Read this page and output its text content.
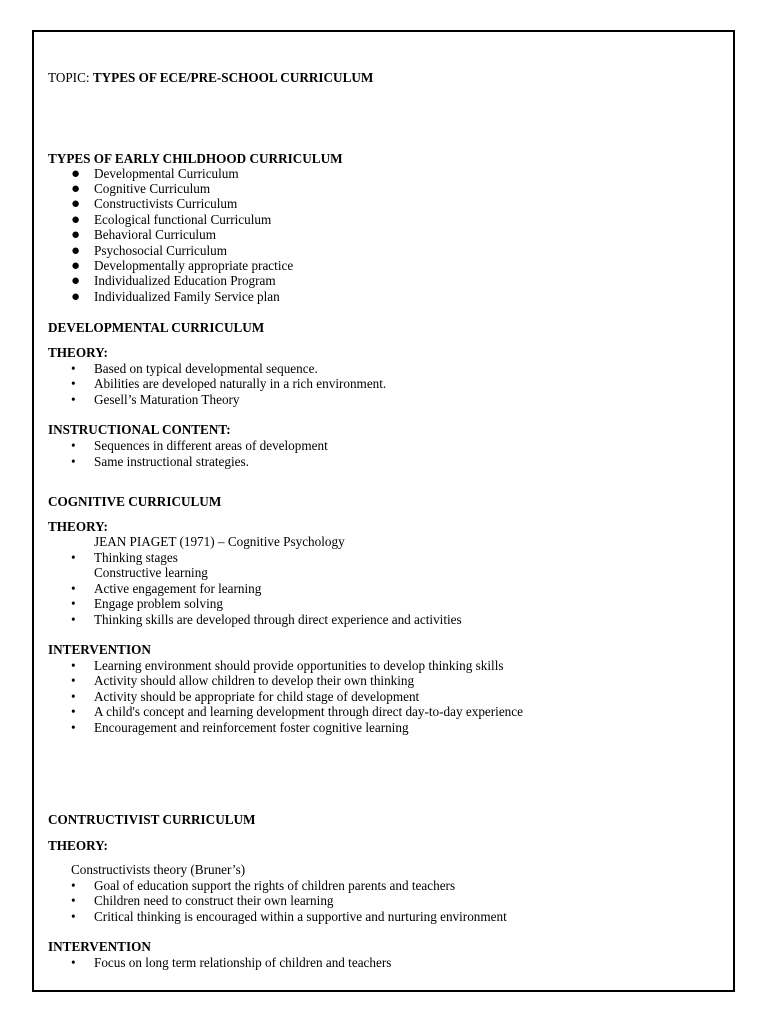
TOPIC: TYPES OF ECE/PRE-SCHOOL CURRICULUM
TYPES OF EARLY CHILDHOOD CURRICULUM
● Developmental Curriculum
● Cognitive Curriculum
● Constructivists Curriculum
● Ecological functional Curriculum
● Behavioral Curriculum
● Psychosocial Curriculum
● Developmentally appropriate practice
● Individualized Education Program
● Individualized Family Service plan
DEVELOPMENTAL CURRICULUM
THEORY:
•	Based on typical developmental sequence.
•	Abilities are developed naturally in a rich environment.
•	Gesell’s Maturation Theory
INSTRUCTIONAL CONTENT:
•	Sequences in different areas of development
•	Same instructional strategies.
COGNITIVE CURRICULUM
THEORY:
JEAN PIAGET (1971) – Cognitive Psychology
•	Thinking stages
Constructive learning
•	Active engagement for learning
•	Engage problem solving
•	Thinking skills are developed through direct experience and activities
INTERVENTION
•	Learning environment should provide opportunities to develop thinking skills
•	Activity should allow children to develop their own thinking
•	Activity should be appropriate for child stage of development
•	A child's concept and learning development through direct day-to-day experience
•	Encouragement and reinforcement foster cognitive learning
CONTRUCTIVIST CURRICULUM
THEORY:
Constructivists theory (Bruner’s)
•	Goal of education support the rights of children parents and teachers
•	Children need to construct their own learning
•	Critical thinking is encouraged within a supportive and nurturing environment
INTERVENTION
•	Focus on long term relationship of children and teachers
